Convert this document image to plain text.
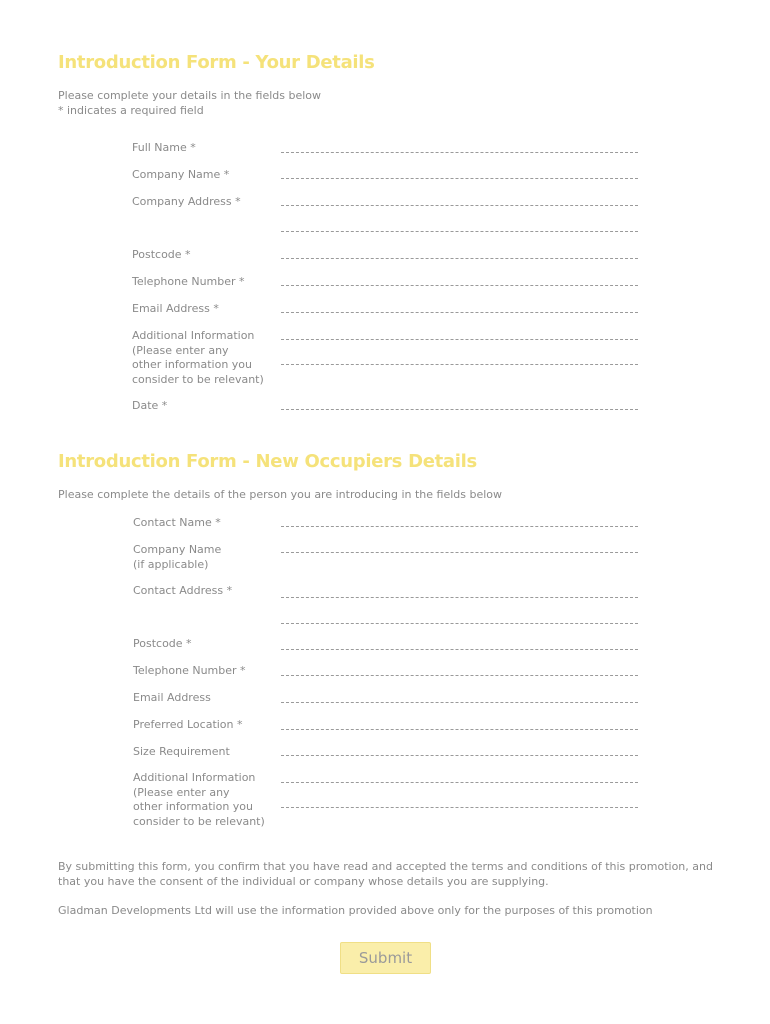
Introduction Form - Your Details
Please complete your details in the fields below
* indicates a required field
Full Name *
Company Name *
Company Address *
Postcode *
Telephone Number *
Email Address *
Additional Information
(Please enter any
other information you
consider to be relevant)
Date *
Introduction Form - New Occupiers Details
Please complete the details of the person you are introducing in the fields below
Contact Name *
Company Name
(if applicable)
Contact Address *
Postcode *
Telephone Number *
Email Address
Preferred Location *
Size Requirement
Additional Information
(Please enter any
other information you
consider to be relevant)
By submitting this form, you confirm that you have read and accepted the terms and conditions of this promotion, and
that you have the consent of the individual or company whose details you are supplying.
Gladman Developments Ltd will use the information provided above only for the purposes of this promotion
Submit
